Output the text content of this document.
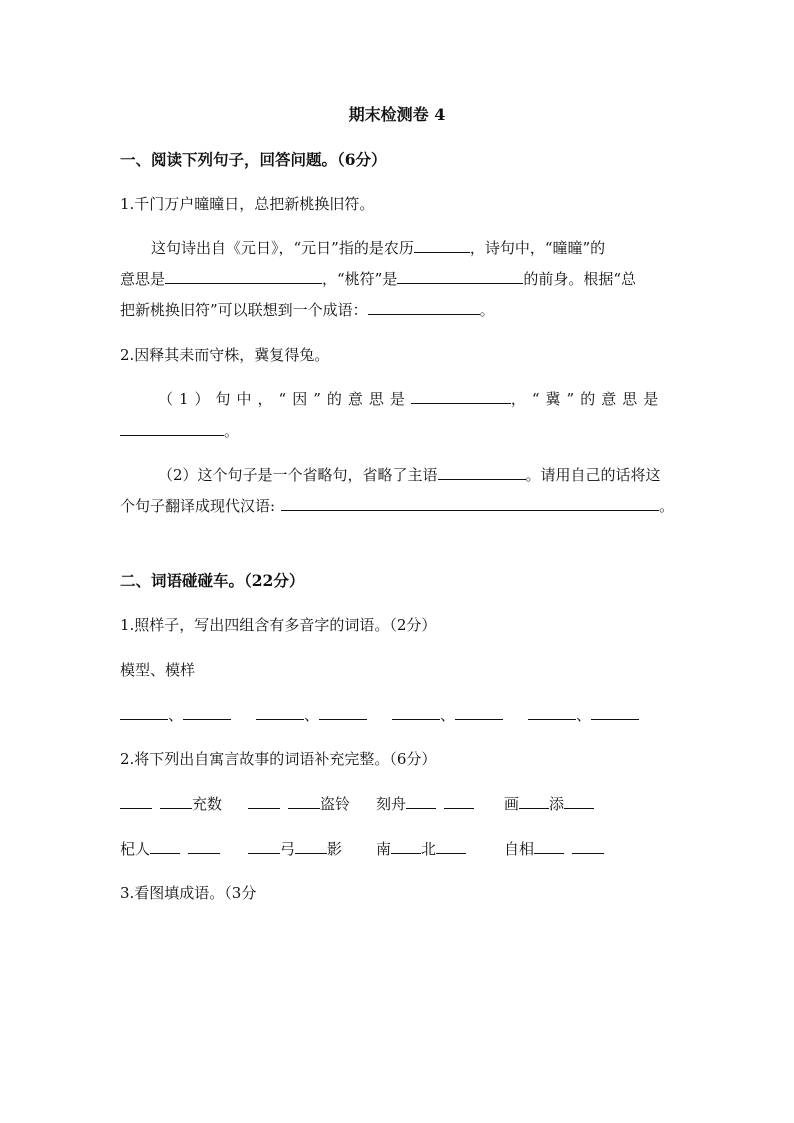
期末检测卷 4
一、阅读下列句子，回答问题。（6分）
1.千门万户曈曈日，总把新桃换旧符。
这句诗出自《元日》，“元日”指的是农历	，诗句中，“曈曈”的
意思是	，“桃符”是	的前身。根据“总
把新桃换旧符”可以联想到一个成语：	。
2.因释其耒而守株，冀复得兔。
（1）句中，“因”的意思是	，“冀”的意思是
。
（2）这个句子是一个省略句，省略了主语	。请用自己的话将这
个句子翻译成现代汉语:	。
二、词语碰碰车。（22分）
1.照样子，写出四组含有多音字的词语。（2分）
模型、模样
、	、	、	、
2.将下列出自寓言故事的词语补充完整。（6分）
充数	盗铃 刻舟	画 添
杞人	弓 影 南 北	自相
3.看图填成语。（3分
